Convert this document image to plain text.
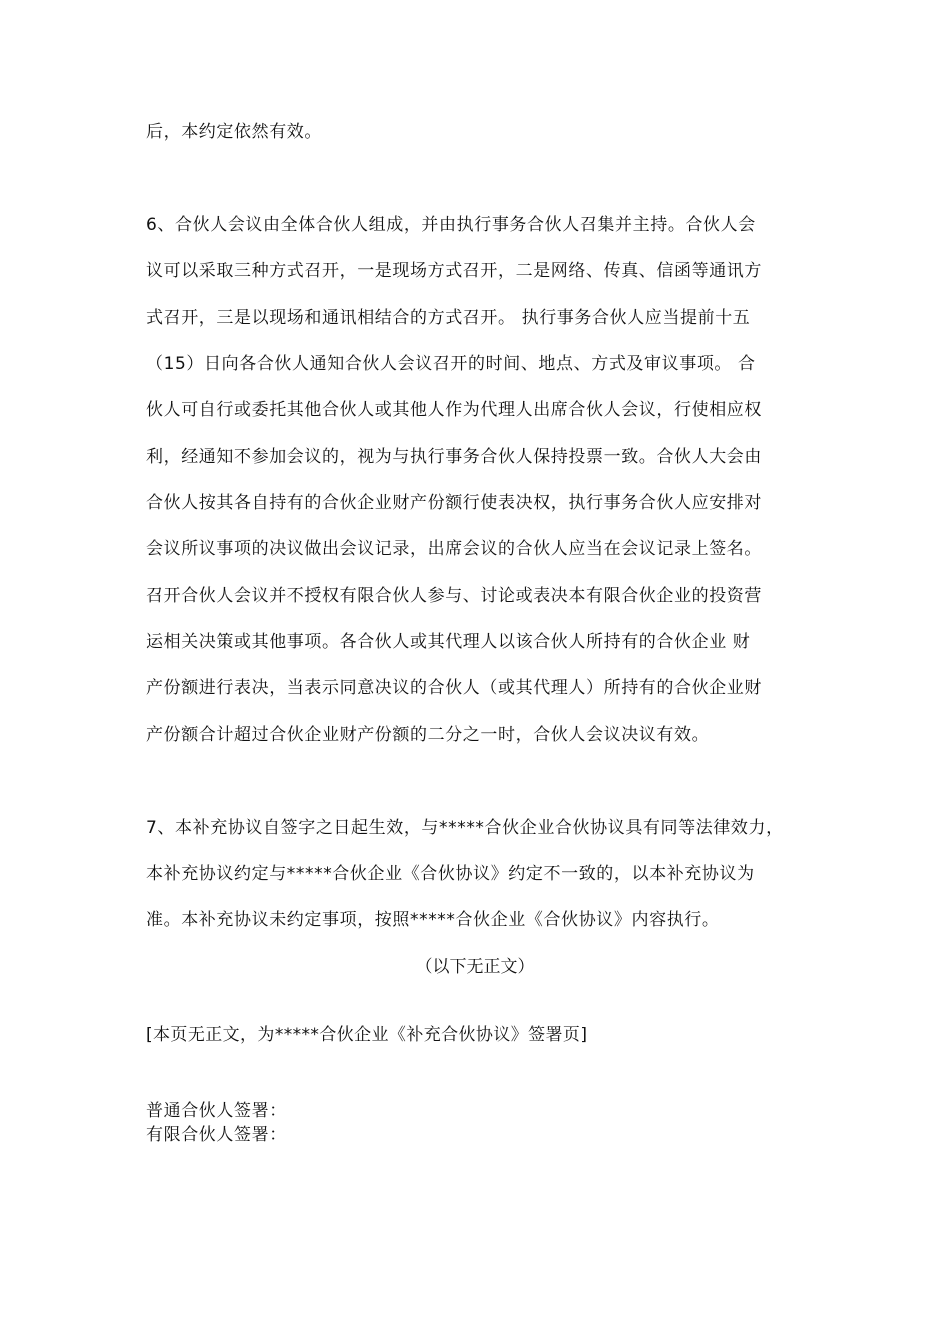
后，本约定依然有效。
6、合伙人会议由全体合伙人组成，并由执行事务合伙人召集并主持。合伙人会
议可以采取三种方式召开，一是现场方式召开，二是网络、传真、信函等通讯方
式召开，三是以现场和通讯相结合的方式召开。 执行事务合伙人应当提前十五
（15）日向各合伙人通知合伙人会议召开的时间、地点、方式及审议事项。 合
伙人可自行或委托其他合伙人或其他人作为代理人出席合伙人会议，行使相应权
利，经通知不参加会议的，视为与执行事务合伙人保持投票一致。合伙人大会由
合伙人按其各自持有的合伙企业财产份额行使表决权，执行事务合伙人应安排对
会议所议事项的决议做出会议记录，出席会议的合伙人应当在会议记录上签名。
召开合伙人会议并不授权有限合伙人参与、讨论或表决本有限合伙企业的投资营
运相关决策或其他事项。各合伙人或其代理人以该合伙人所持有的合伙企业 财
产份额进行表决，当表示同意决议的合伙人（或其代理人）所持有的合伙企业财
产份额合计超过合伙企业财产份额的二分之一时，合伙人会议决议有效。
7、本补充协议自签字之日起生效，与*****合伙企业合伙协议具有同等法律效力，
本补充协议约定与*****合伙企业《合伙协议》约定不一致的，以本补充协议为
准。本补充协议未约定事项，按照*****合伙企业《合伙协议》内容执行。
（以下无正文）
[本页无正文，为*****合伙企业《补充合伙协议》签署页]
普通合伙人签署：
有限合伙人签署：
